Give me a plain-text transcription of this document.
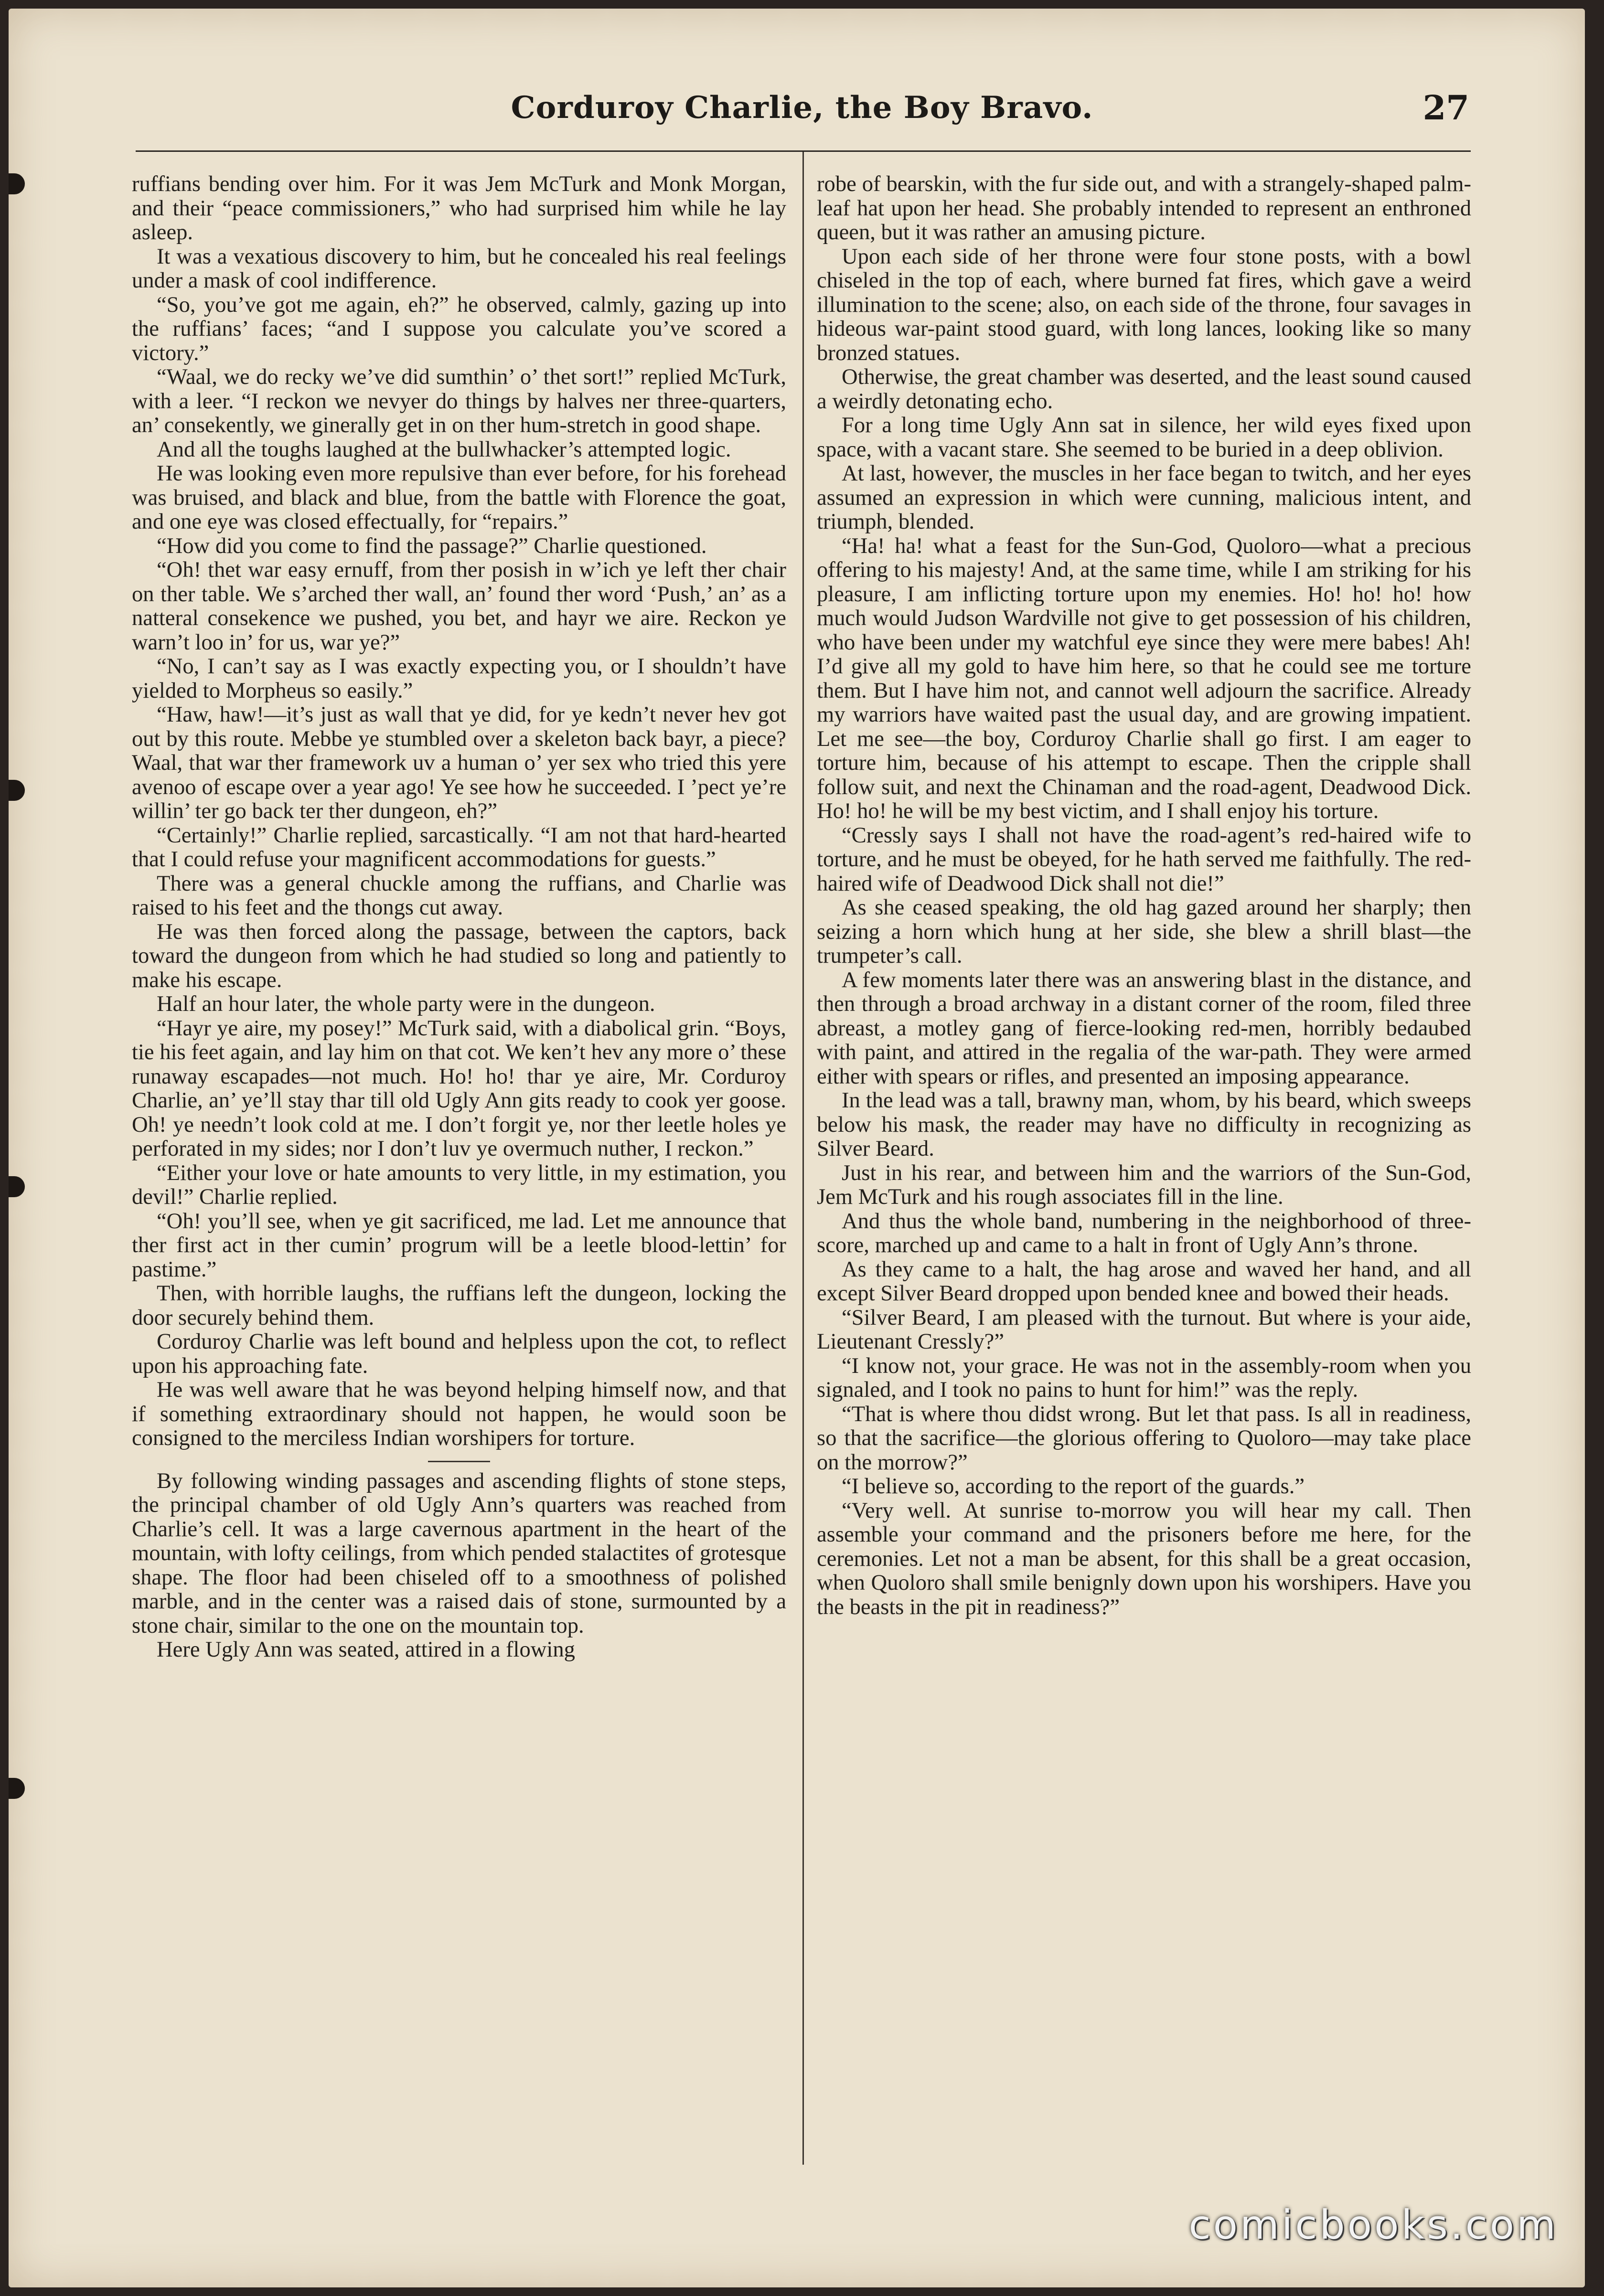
Corduroy Charlie, the Boy Bravo.	27

ruffians bending over him. For it was Jem McTurk and Monk Morgan, and their “peace commissioners,” who had surprised him while he lay asleep.

It was a vexatious discovery to him, but he concealed his real feelings under a mask of cool indifference.

“So, you’ve got me again, eh?” he observed, calmly, gazing up into the ruffians’ faces; “and I suppose you calculate you’ve scored a victory.”

“Waal, we do recky we’ve did sumthin’ o’ thet sort!” replied McTurk, with a leer. “I reckon we nevyer do things by halves ner three-quarters, an’ consekently, we ginerally get in on ther hum-stretch in good shape.

And all the toughs laughed at the bullwhacker’s attempted logic.

He was looking even more repulsive than ever before, for his forehead was bruised, and black and blue, from the battle with Florence the goat, and one eye was closed effectually, for “repairs.”

“How did you come to find the passage?” Charlie questioned.

“Oh! thet war easy ernuff, from ther posish in w’ich ye left ther chair on ther table. We s’arched ther wall, an’ found ther word ‘Push,’ an’ as a natteral consekence we pushed, you bet, and hayr we aire. Reckon ye warn’t loo in’ for us, war ye?”

“No, I can’t say as I was exactly expecting you, or I shouldn’t have yielded to Morpheus so easily.”

“Haw, haw!—it’s just as wall that ye did, for ye kedn’t never hev got out by this route. Mebbe ye stumbled over a skeleton back bayr, a piece? Waal, that war ther framework uv a human o’ yer sex who tried this yere avenoo of escape over a year ago! Ye see how he succeeded. I ’pect ye’re willin’ ter go back ter ther dungeon, eh?”

“Certainly!” Charlie replied, sarcastically. “I am not that hard-hearted that I could refuse your magnificent accommodations for guests.”

There was a general chuckle among the ruffians, and Charlie was raised to his feet and the thongs cut away.

He was then forced along the passage, between the captors, back toward the dungeon from which he had studied so long and patiently to make his escape.

Half an hour later, the whole party were in the dungeon.

“Hayr ye aire, my posey!” McTurk said, with a diabolical grin. “Boys, tie his feet again, and lay him on that cot. We ken’t hev any more o’ these runaway escapades—not much. Ho! ho! thar ye aire, Mr. Corduroy Charlie, an’ ye’ll stay thar till old Ugly Ann gits ready to cook yer goose. Oh! ye needn’t look cold at me. I don’t forgit ye, nor ther leetle holes ye perforated in my sides; nor I don’t luv ye overmuch nuther, I reckon.”

“Either your love or hate amounts to very little, in my estimation, you devil!” Charlie replied.

“Oh! you’ll see, when ye git sacrificed, me lad. Let me announce that ther first act in ther cumin’ progrum will be a leetle blood-lettin’ for pastime.”

Then, with horrible laughs, the ruffians left the dungeon, locking the door securely behind them.

Corduroy Charlie was left bound and helpless upon the cot, to reflect upon his approaching fate.

He was well aware that he was beyond helping himself now, and that if something extraordinary should not happen, he would soon be consigned to the merciless Indian worshipers for torture.

By following winding passages and ascending flights of stone steps, the principal chamber of old Ugly Ann’s quarters was reached from Charlie’s cell. It was a large cavernous apartment in the heart of the mountain, with lofty ceilings, from which pended stalactites of grotesque shape. The floor had been chiseled off to a smoothness of polished marble, and in the center was a raised dais of stone, surmounted by a stone chair, similar to the one on the mountain top.

Here Ugly Ann was seated, attired in a flowing

robe of bearskin, with the fur side out, and with a strangely-shaped palm-leaf hat upon her head. She probably intended to represent an enthroned queen, but it was rather an amusing picture.

Upon each side of her throne were four stone posts, with a bowl chiseled in the top of each, where burned fat fires, which gave a weird illumination to the scene; also, on each side of the throne, four savages in hideous war-paint stood guard, with long lances, looking like so many bronzed statues.

Otherwise, the great chamber was deserted, and the least sound caused a weirdly detonating echo.

For a long time Ugly Ann sat in silence, her wild eyes fixed upon space, with a vacant stare. She seemed to be buried in a deep oblivion.

At last, however, the muscles in her face began to twitch, and her eyes assumed an expression in which were cunning, malicious intent, and triumph, blended.

“Ha! ha! what a feast for the Sun-God, Quoloro—what a precious offering to his majesty! And, at the same time, while I am striking for his pleasure, I am inflicting torture upon my enemies. Ho! ho! ho! how much would Judson Wardville not give to get possession of his children, who have been under my watchful eye since they were mere babes! Ah! I’d give all my gold to have him here, so that he could see me torture them. But I have him not, and cannot well adjourn the sacrifice. Already my warriors have waited past the usual day, and are growing impatient. Let me see—the boy, Corduroy Charlie shall go first. I am eager to torture him, because of his attempt to escape. Then the cripple shall follow suit, and next the Chinaman and the road-agent, Deadwood Dick. Ho! ho! he will be my best victim, and I shall enjoy his torture.

“Cressly says I shall not have the road-agent’s red-haired wife to torture, and he must be obeyed, for he hath served me faithfully. The red-haired wife of Deadwood Dick shall not die!”

As she ceased speaking, the old hag gazed around her sharply; then seizing a horn which hung at her side, she blew a shrill blast—the trumpeter’s call.

A few moments later there was an answering blast in the distance, and then through a broad archway in a distant corner of the room, filed three abreast, a motley gang of fierce-looking red-men, horribly bedaubed with paint, and attired in the regalia of the war-path. They were armed either with spears or rifles, and presented an imposing appearance.

In the lead was a tall, brawny man, whom, by his beard, which sweeps below his mask, the reader may have no difficulty in recognizing as Silver Beard.

Just in his rear, and between him and the warriors of the Sun-God, Jem McTurk and his rough associates fill in the line.

And thus the whole band, numbering in the neighborhood of three-score, marched up and came to a halt in front of Ugly Ann’s throne.

As they came to a halt, the hag arose and waved her hand, and all except Silver Beard dropped upon bended knee and bowed their heads.

“Silver Beard, I am pleased with the turnout. But where is your aide, Lieutenant Cressly?”

“I know not, your grace. He was not in the assembly-room when you signaled, and I took no pains to hunt for him!” was the reply.

“That is where thou didst wrong. But let that pass. Is all in readiness, so that the sacrifice—the glorious offering to Quoloro—may take place on the morrow?”

“I believe so, according to the report of the guards.”

“Very well. At sunrise to-morrow you will hear my call. Then assemble your command and the prisoners before me here, for the ceremonies. Let not a man be absent, for this shall be a great occasion, when Quoloro shall smile benignly down upon his worshipers. Have you the beasts in the pit in readiness?”

comicbooks.com
